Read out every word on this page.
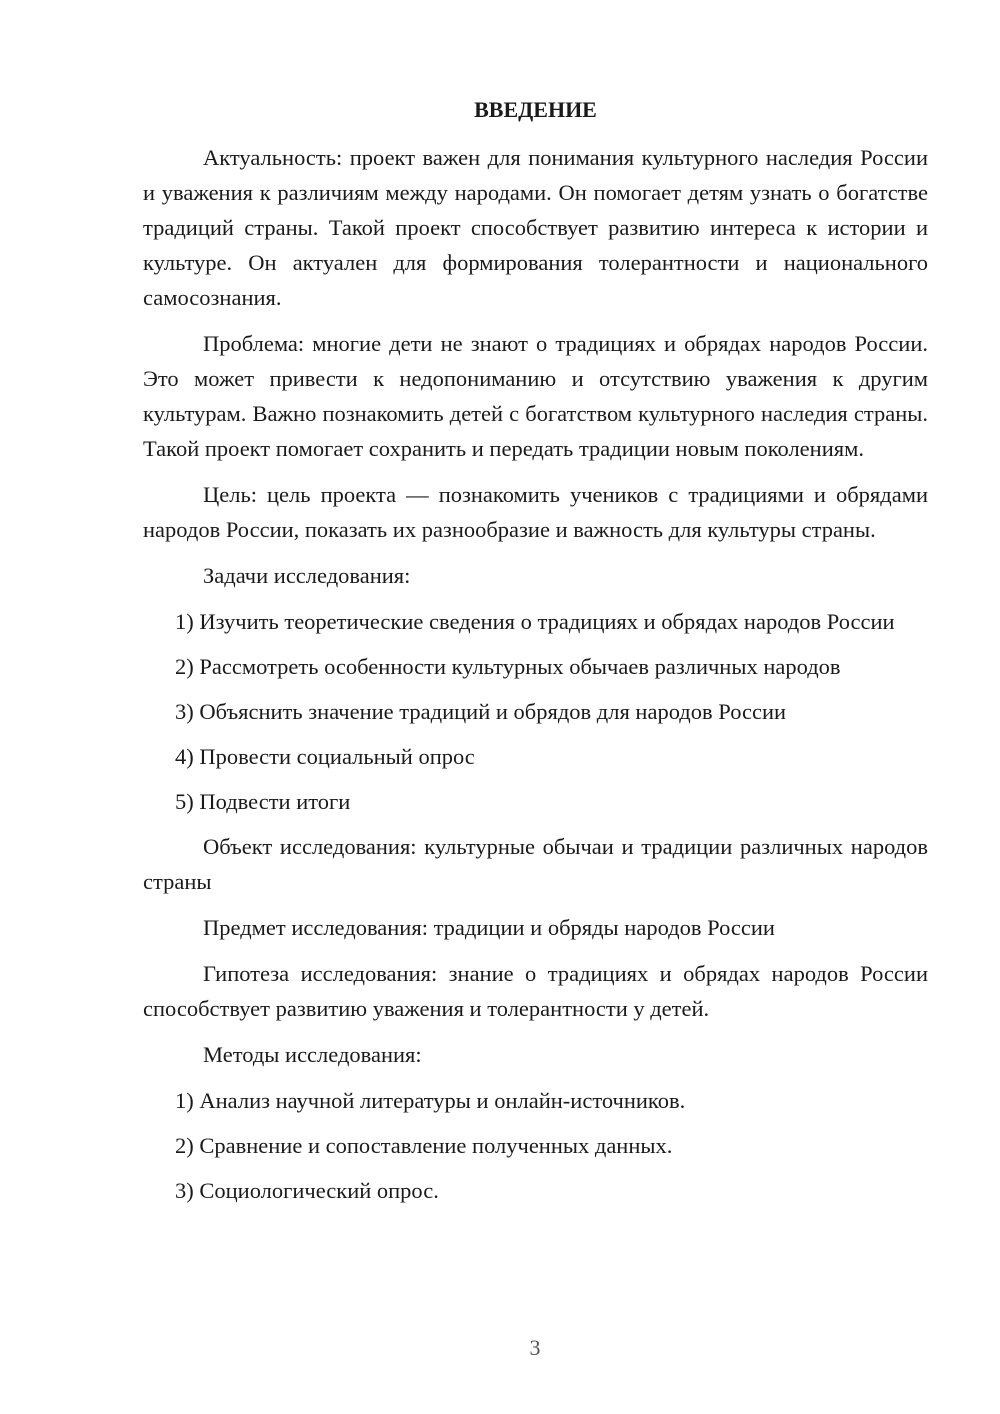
ВВЕДЕНИЕ

Актуальность: проект важен для понимания культурного наследия России и уважения к различиям между народами. Он помогает детям узнать о богатстве традиций страны. Такой проект способствует развитию интереса к истории и культуре. Он актуален для формирования толерантности и национального самосознания.

Проблема: многие дети не знают о традициях и обрядах народов России. Это может привести к недопониманию и отсутствию уважения к другим культурам. Важно познакомить детей с богатством культурного наследия страны. Такой проект помогает сохранить и передать традиции новым поколениям.

Цель: цель проекта — познакомить учеников с традициями и обрядами народов России, показать их разнообразие и важность для культуры страны.

Задачи исследования:

1) Изучить теоретические сведения о традициях и обрядах народов России

2) Рассмотреть особенности культурных обычаев различных народов

3) Объяснить значение традиций и обрядов для народов России

4) Провести социальный опрос

5) Подвести итоги

Объект исследования: культурные обычаи и традиции различных народов страны

Предмет исследования: традиции и обряды народов России

Гипотеза исследования: знание о традициях и обрядах народов России способствует развитию уважения и толерантности у детей.

Методы исследования:

1) Анализ научной литературы и онлайн-источников.

2) Сравнение и сопоставление полученных данных.

3) Социологический опрос.

3
